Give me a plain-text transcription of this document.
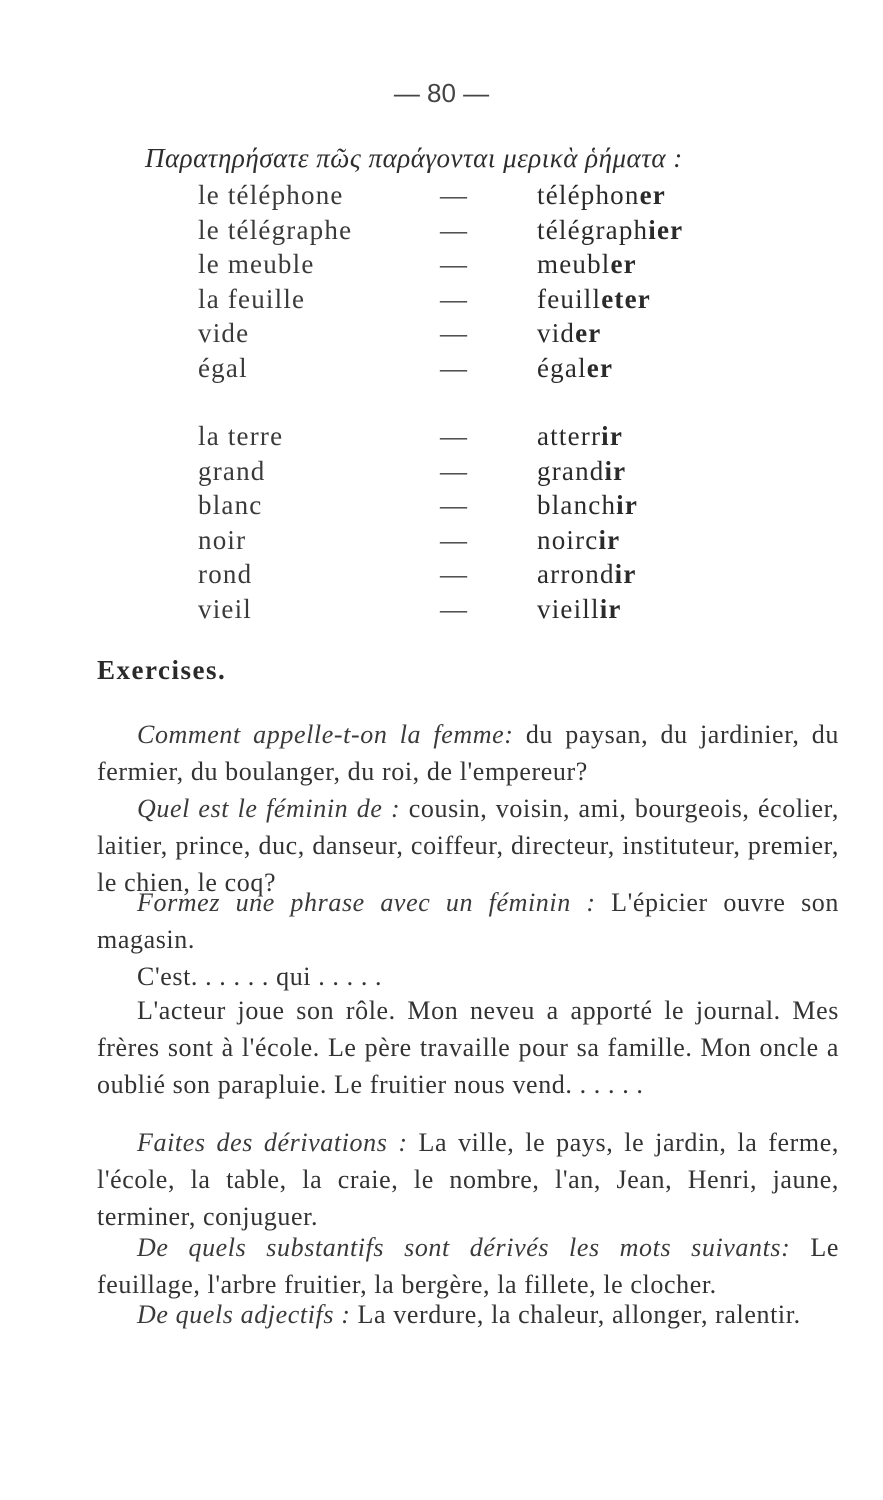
— 80 —
Παρατηρήσατε πῶς παράγονται μερικὰ ῥήματα :
le téléphone	—	téléphoner
le télégraphe	—	télégraphier
le meuble	—	meubler
la feuille	—	feuilleter
vide	—	vider
égal	—	égaler
la terre	—	atterrir
grand	—	grandir
blanc	—	blanchir
noir	—	noircir
rond	—	arrondir
vieil	—	vieillir
Exercises.
Comment appelle-t-on la femme: du paysan, du jardinier, du fermier, du boulanger, du roi, de l'empereur?
Quel est le féminin de : cousin, voisin, ami, bourgeois, écolier, laitier, prince, duc, danseur, coiffeur, directeur, instituteur, premier, le chien, le coq?
Formez une phrase avec un féminin : L'épicier ouvre son magasin.
C'est. . . . . . qui . . . . .
L'acteur joue son rôle. Mon neveu a apporté le journal. Mes frères sont à l'école. Le père travaille pour sa famille. Mon oncle a oublié son parapluie. Le fruitier nous vend. . . . . .
Faites des dérivations : La ville, le pays, le jardin, la ferme, l'école, la table, la craie, le nombre, l'an, Jean, Henri, jaune, terminer, conjuguer.
De quels substantifs sont dérivés les mots suivants: Le feuillage, l'arbre fruitier, la bergère, la fillete, le clocher.
De quels adjectifs : La verdure, la chaleur, allonger, ralentir.
